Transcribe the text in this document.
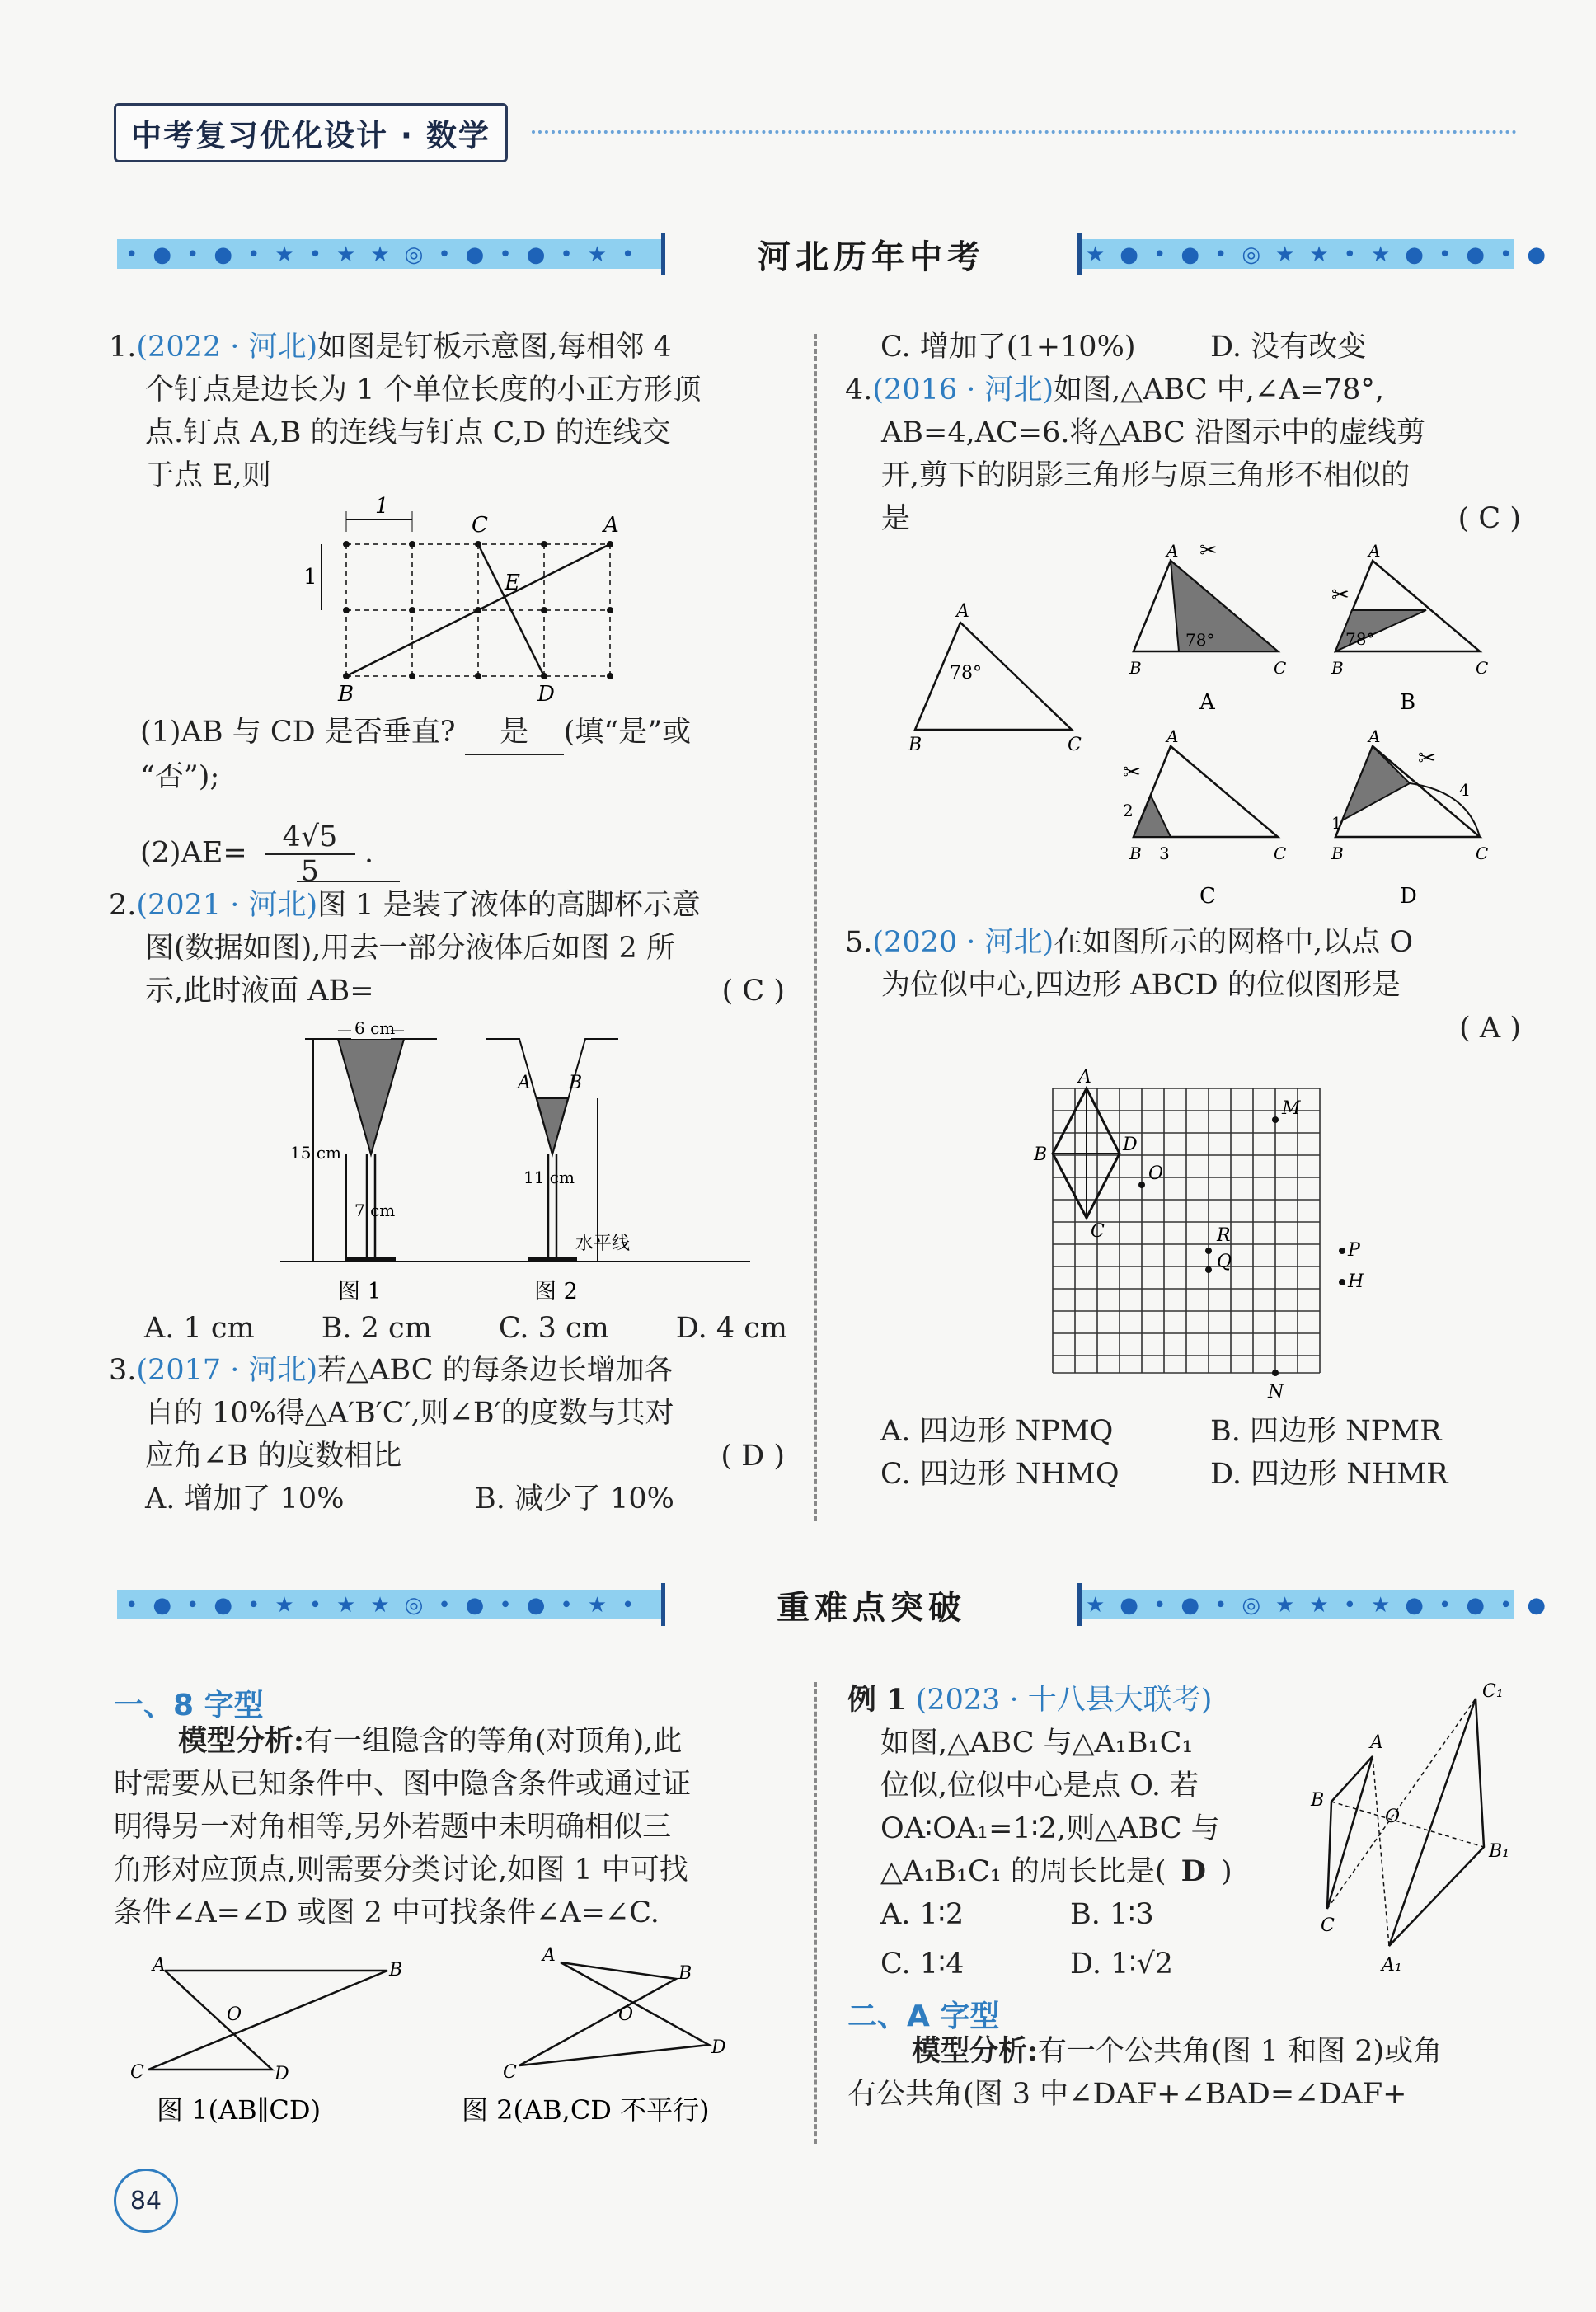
中考复习优化设计 · 数学
•●•●•★•★★◎•●•●•★•	★●•●•◎★★•★●•●•●
河北历年中考
1.(2022 · 河北)如图是钉板示意图,每相邻 4
个钉点是边长为 1 个单位长度的小正方形顶
点.钉点 A,B 的连线与钉点 C,D 的连线交
于点 E,则
1
1
C	A
E
B	D
(1)AB 与 CD 是否垂直? 是 (填“是”或
“否”);
$(2)AE= \frac{4√5}{5}$ .
2.(2021 · 河北)图 1 是装了液体的高脚杯示意
图(数据如图),用去一部分液体后如图 2 所
示,此时液面 AB=	( C )
6 cm
15 cm
7 cm
A B
11 cm
水平线
图 1	图 2
A. 1 cm B. 2 cm C. 3 cm D. 4 cm
3.(2017 · 河北)若△ABC 的每条边长增加各
自的 10%得△A′B′C′,则∠B′的度数与其对
应角∠B 的度数相比	( D )
A. 增加了 10%	B. 减少了 10%
C. 增加了(1+10%)	D. 没有改变
4.(2016 · 河北)如图,△ABC 中,∠A=78°,
AB=4,AC=6.将△ABC 沿图示中的虚线剪
开,剪下的阴影三角形与原三角形不相似的
是	( C )
A
B	C
78°
A
B	C
78°
✂
A
A
B	C
78°
✂
B
A
B	C
2
3
✂
C
A
B	C
1
4
✂
D
5.(2020 · 河北)在如图所示的网格中,以点 O
为位似中心,四边形 ABCD 的位似图形是
( A )
A
B
C
D
O
M
R
Q
P
H
N
A. 四边形 NPMQ	B. 四边形 NPMR
C. 四边形 NHMQ	D. 四边形 NHMR
•●•●•★•★★◎•●•●•★•	★●•●•◎★★•★●•●•●
重难点突破
一、8 字型
模型分析:有一组隐含的等角(对顶角),此
时需要从已知条件中、图中隐含条件或通过证
明得另一对角相等,另外若题中未明确相似三
角形对应顶点,则需要分类讨论,如图 1 中可找
条件∠A=∠D 或图 2 中可找条件∠A=∠C.
A	B
O
C	D
图 1(AB∥CD)
A
B
O
C
D
图 2(AB,CD 不平行)
例 1 (2023 · 十八县大联考)
如图,△ABC 与△A₁B₁C₁
位似,位似中心是点 O. 若
OA∶OA₁=1∶2,则△ABC 与
△A₁B₁C₁ 的周长比是( D )
A. 1∶2	B. 1∶3
C. 1∶4	D. 1∶√2
A
B
C
O
A₁
B₁
C₁
二、A 字型
模型分析:有一个公共角(图 1 和图 2)或角
有公共角(图 3 中∠DAF+∠BAD=∠DAF+
84
